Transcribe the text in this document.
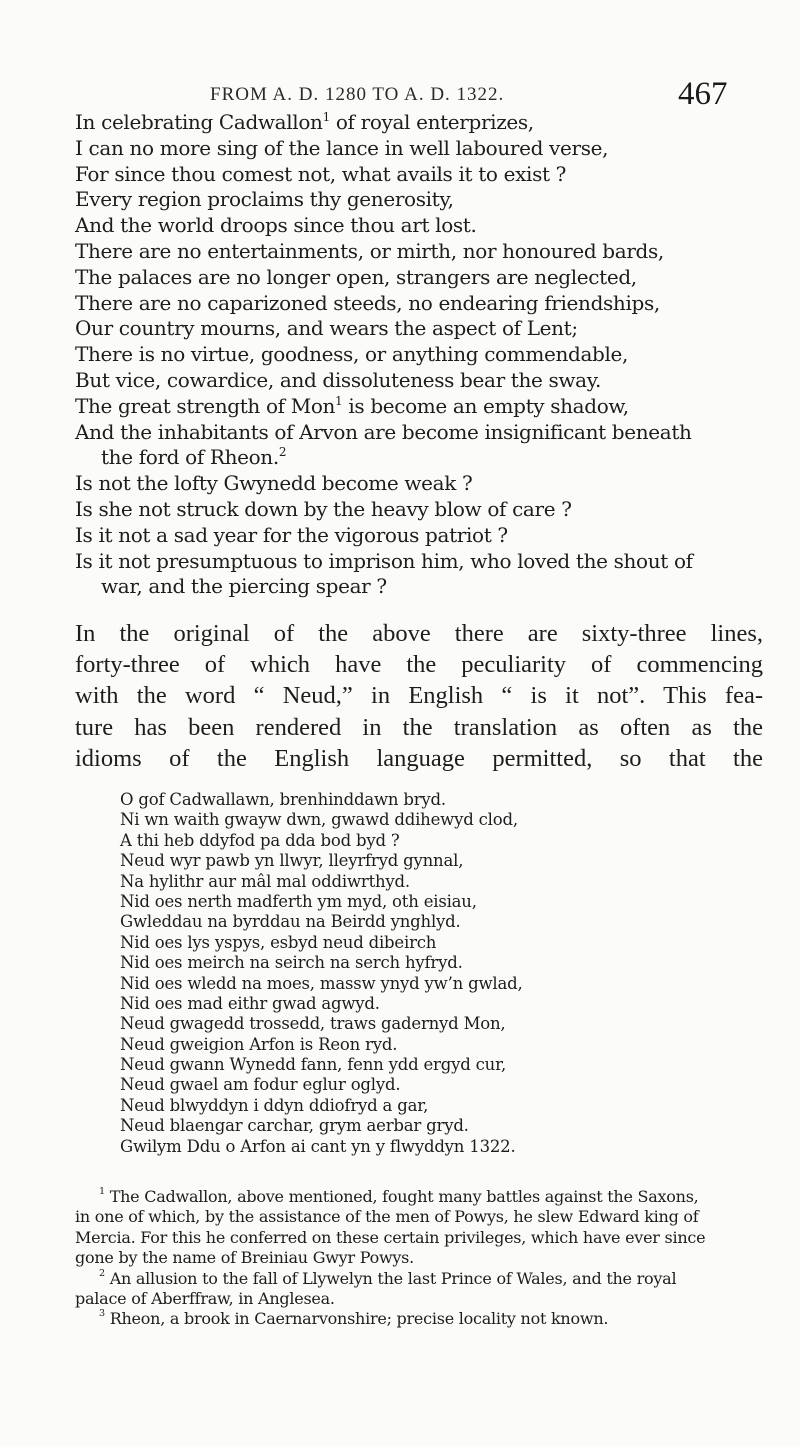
FROM A. D. 1280 TO A. D. 1322.	467
In celebrating Cadwallon$^1$ of royal enterprizes,
I can no more sing of the lance in well laboured verse,
For since thou comest not, what avails it to exist ?
Every region proclaims thy generosity,
And the world droops since thou art lost.
There are no entertainments, or mirth, nor honoured bards,
The palaces are no longer open, strangers are neglected,
There are no caparizoned steeds, no endearing friendships,
Our country mourns, and wears the aspect of Lent;
There is no virtue, goodness, or anything commendable,
But vice, cowardice, and dissoluteness bear the sway.
The great strength of Mon$^1$ is become an empty shadow,
And the inhabitants of Arvon are become insignificant beneath
the ford of Rheon.$^2$
Is not the lofty Gwynedd become weak ?
Is she not struck down by the heavy blow of care ?
Is it not a sad year for the vigorous patriot ?
Is it not presumptuous to imprison him, who loved the shout of
war, and the piercing spear ?
In the original of the above there are sixty-three lines,
forty-three of which have the peculiarity of commencing
with the word “ Neud,” in English “ is it not”. This fea-
ture has been rendered in the translation as often as the
idioms of the English language permitted, so that the
O gof Cadwallawn, brenhinddawn bryd.
Ni wn waith gwayw dwn, gwawd ddihewyd clod,
A thi heb ddyfod pa dda bod byd ?
Neud wyr pawb yn llwyr, lleyrfryd gynnal,
Na hylithr aur mâl mal oddiwrthyd.
Nid oes nerth madferth ym myd, oth eisiau,
Gwleddau na byrddau na Beirdd ynghlyd.
Nid oes lys yspys, esbyd neud dibeirch
Nid oes meirch na seirch na serch hyfryd.
Nid oes wledd na moes, massw ynyd yw’n gwlad,
Nid oes mad eithr gwad agwyd.
Neud gwagedd trossedd, traws gadernyd Mon,
Neud gweigion Arfon is Reon ryd.
Neud gwann Wynedd fann, fenn ydd ergyd cur,
Neud gwael am fodur eglur oglyd.
Neud blwyddyn i ddyn ddiofryd a gar,
Neud blaengar carchar, grym aerbar gryd.
Gwilym Ddu o Arfon ai cant yn y flwyddyn 1322.
$^1$ The Cadwallon, above mentioned, fought many battles against the Saxons,
in one of which, by the assistance of the men of Powys, he slew Edward king of
Mercia. For this he conferred on these certain privileges, which have ever since
gone by the name of Breiniau Gwyr Powys.
$^2$ An allusion to the fall of Llywelyn the last Prince of Wales, and the royal
palace of Aberffraw, in Anglesea.
$^3$ Rheon, a brook in Caernarvonshire; precise locality not known.
